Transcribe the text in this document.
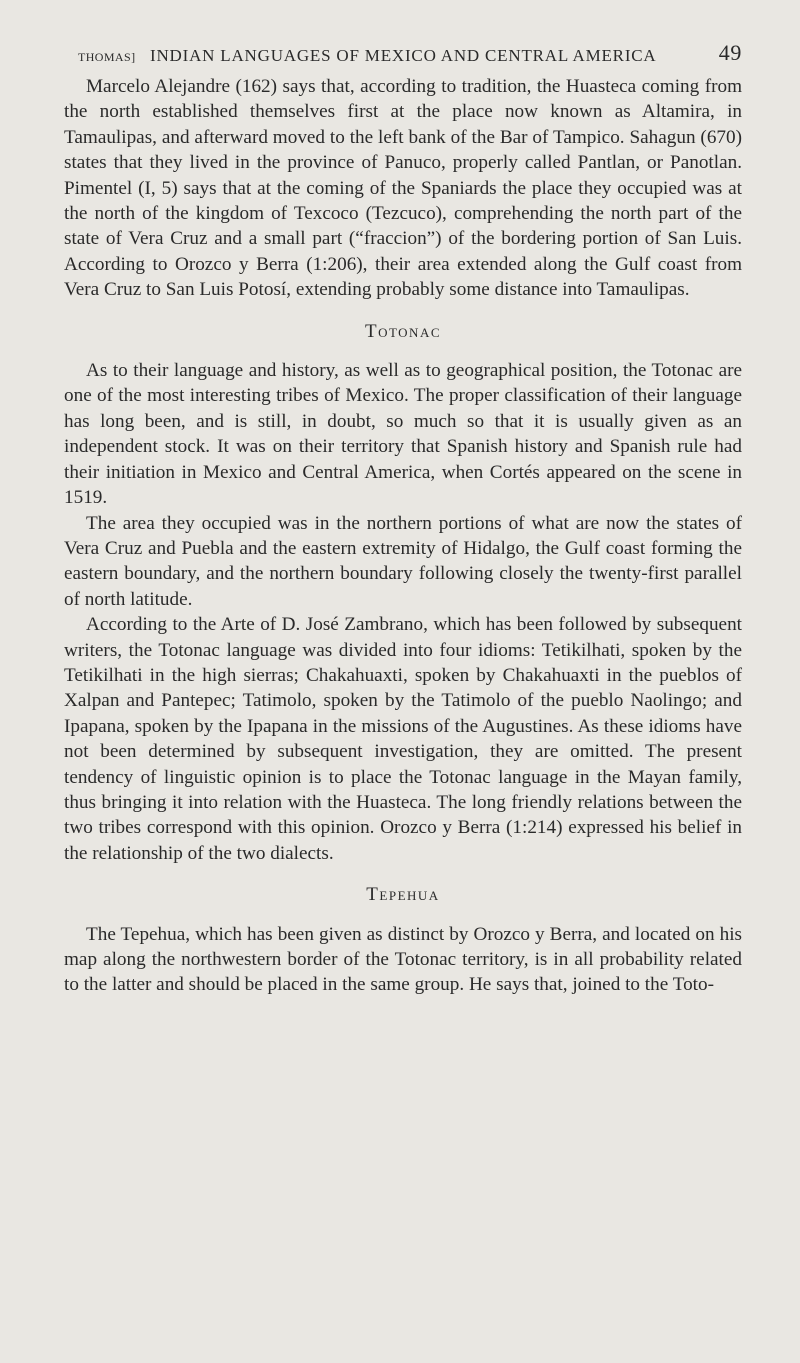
THOMAS] INDIAN LANGUAGES OF MEXICO AND CENTRAL AMERICA	49

Marcelo Alejandre (162) says that, according to tradition, the Huasteca coming from the north established themselves first at the place now known as Altamira, in Tamaulipas, and afterward moved to the left bank of the Bar of Tampico. Sahagun (670) states that they lived in the province of Panuco, properly called Pantlan, or Panotlan. Pimentel (I, 5) says that at the coming of the Spaniards the place they occupied was at the north of the kingdom of Texcoco (Tezcuco), comprehending the north part of the state of Vera Cruz and a small part (“fraccion”) of the bordering portion of San Luis. According to Orozco y Berra (1:206), their area extended along the Gulf coast from Vera Cruz to San Luis Potosí, extending probably some distance into Tamaulipas.

Totonac

As to their language and history, as well as to geographical position, the Totonac are one of the most interesting tribes of Mexico. The proper classification of their language has long been, and is still, in doubt, so much so that it is usually given as an independent stock. It was on their territory that Spanish history and Spanish rule had their initiation in Mexico and Central America, when Cortés appeared on the scene in 1519.

The area they occupied was in the northern portions of what are now the states of Vera Cruz and Puebla and the eastern extremity of Hidalgo, the Gulf coast forming the eastern boundary, and the northern boundary following closely the twenty-first parallel of north latitude.

According to the Arte of D. José Zambrano, which has been followed by subsequent writers, the Totonac language was divided into four idioms: Tetikilhati, spoken by the Tetikilhati in the high sierras; Chakahuaxti, spoken by Chakahuaxti in the pueblos of Xalpan and Pantepec; Tatimolo, spoken by the Tatimolo of the pueblo Naolingo; and Ipapana, spoken by the Ipapana in the missions of the Augustines. As these idioms have not been determined by subsequent investigation, they are omitted. The present tendency of linguistic opinion is to place the Totonac language in the Mayan family, thus bringing it into relation with the Huasteca. The long friendly relations between the two tribes correspond with this opinion. Orozco y Berra (1:214) expressed his belief in the relationship of the two dialects.

Tepehua

The Tepehua, which has been given as distinct by Orozco y Berra, and located on his map along the northwestern border of the Totonac territory, is in all probability related to the latter and should be placed in the same group. He says that, joined to the Toto-
